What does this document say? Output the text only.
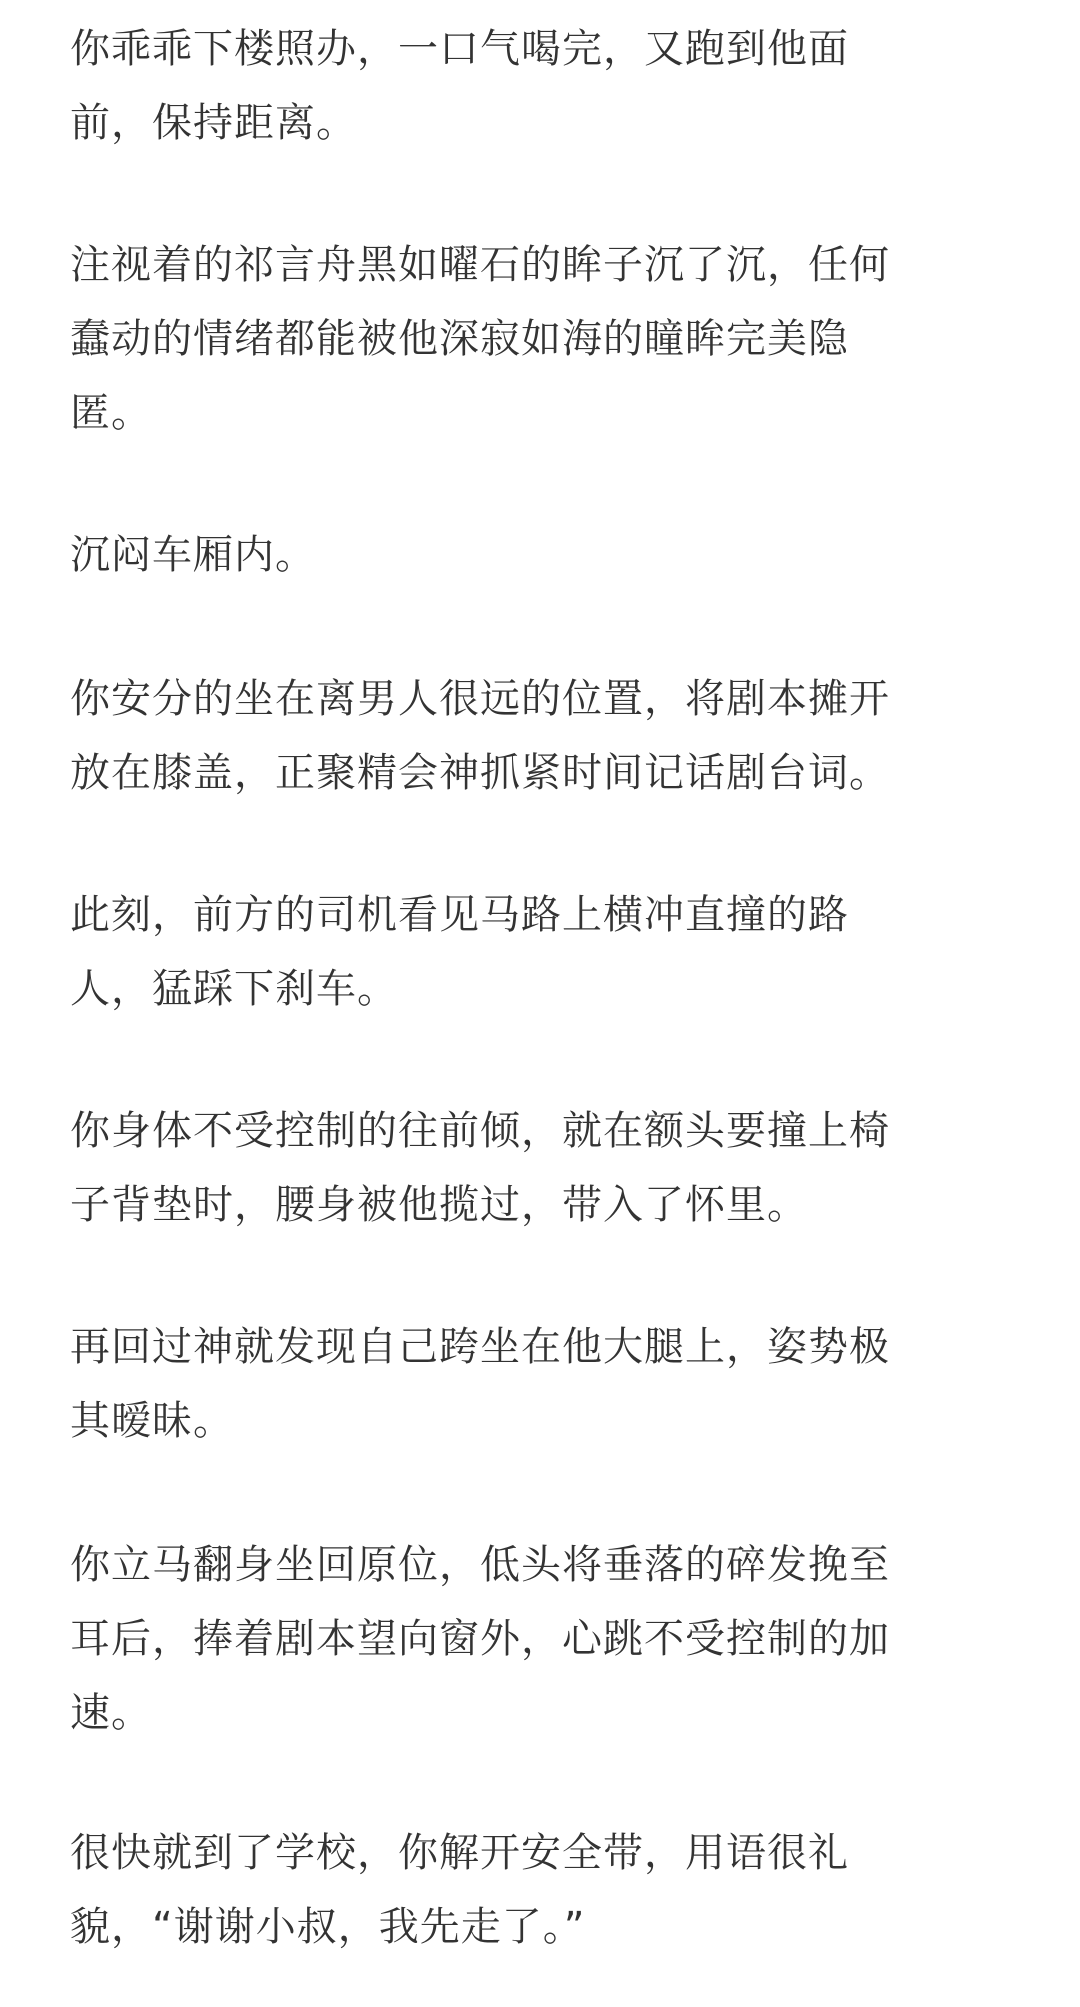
你乖乖下楼照办，一口气喝完，又跑到他面
前，保持距离。

注视着的祁言舟黑如曜石的眸子沉了沉，任何
蠢动的情绪都能被他深寂如海的瞳眸完美隐
匿。

沉闷车厢内。

你安分的坐在离男人很远的位置，将剧本摊开
放在膝盖，正聚精会神抓紧时间记话剧台词。

此刻，前方的司机看见马路上横冲直撞的路
人，猛踩下刹车。

你身体不受控制的往前倾，就在额头要撞上椅
子背垫时，腰身被他揽过，带入了怀里。

再回过神就发现自己跨坐在他大腿上，姿势极
其暧昧。

你立马翻身坐回原位，低头将垂落的碎发挽至
耳后，捧着剧本望向窗外，心跳不受控制的加
速。

很快就到了学校，你解开安全带，用语很礼
貌，“谢谢小叔，我先走了。”
